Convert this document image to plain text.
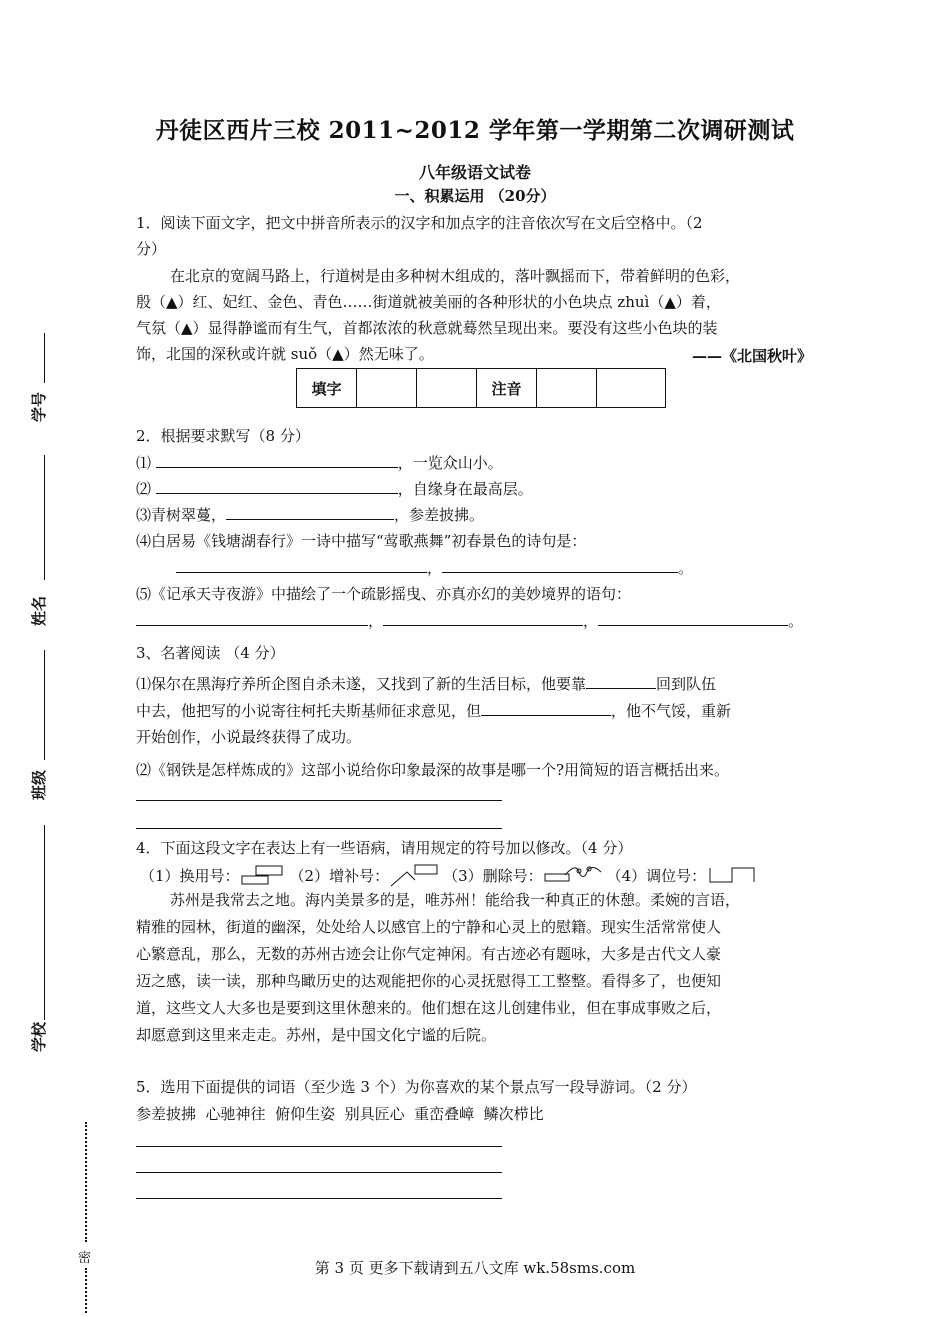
学号
姓名
班级
学校
密
丹徒区西片三校 2011~2012 学年第一学期第二次调研测试
八年级语文试卷
一、积累运用 （20分）
1．阅读下面文字，把文中拼音所表示的汉字和加点字的注音依次写在文后空格中。（2
分）
在北京的宽阔马路上，行道树是由多种树木组成的，落叶飘摇而下，带着鲜明的色彩，
殷（▲）红、妃红、金色、青色……街道就被美丽的各种形状的小色块点 zhuì（▲）着，
气氛（▲）显得静谧而有生气，首都浓浓的秋意就蓦然呈现出来。要没有这些小色块的装
饰，北国的深秋或许就 suǒ（▲）然无味了。	——《北国秋叶》
填字			注音		
2．根据要求默写（8 分）
⑴	，一览众山小。
⑵	，自缘身在最高层。
⑶青树翠蔓，	，参差披拂。
⑷白居易《钱塘湖春行》一诗中描写“莺歌燕舞”初春景色的诗句是：
，	。
⑸《记承天寺夜游》中描绘了一个疏影摇曳、亦真亦幻的美妙境界的语句：
，	，	。
3、名著阅读 （4 分）
⑴保尔在黑海疗养所企图自杀未遂，又找到了新的生活目标，他要靠	回到队伍
中去，他把写的小说寄往柯托夫斯基师征求意见，但	，他不气馁，重新
开始创作，小说最终获得了成功。
⑵《钢铁是怎样炼成的》这部小说给你印象最深的故事是哪一个?用简短的语言概括出来。
4．下面这段文字在表达上有一些语病，请用规定的符号加以修改。（4 分）
（1）换用号：	（2）增补号：	（3）删除号：	（4）调位号：
苏州是我常去之地。海内美景多的是，唯苏州！能给我一种真正的休憩。柔婉的言语，
精雅的园林，街道的幽深，处处给人以感官上的宁静和心灵上的慰籍。现实生活常常使人
心繁意乱，那么，无数的苏州古迹会让你气定神闲。有古迹必有题咏，大多是古代文人豪
迈之感，读一读，那种鸟瞰历史的达观能把你的心灵抚慰得工工整整。看得多了，也便知
道，这些文人大多也是要到这里休憩来的。他们想在这儿创建伟业，但在事成事败之后，
却愿意到这里来走走。苏州，是中国文化宁谧的后院。
5．选用下面提供的词语（至少选 3 个）为你喜欢的某个景点写一段导游词。（2 分）
参差披拂  心驰神往  俯仰生姿  别具匠心  重峦叠嶂  鳞次栉比
第 3 页 更多下载请到五八文库 wk.58sms.com
